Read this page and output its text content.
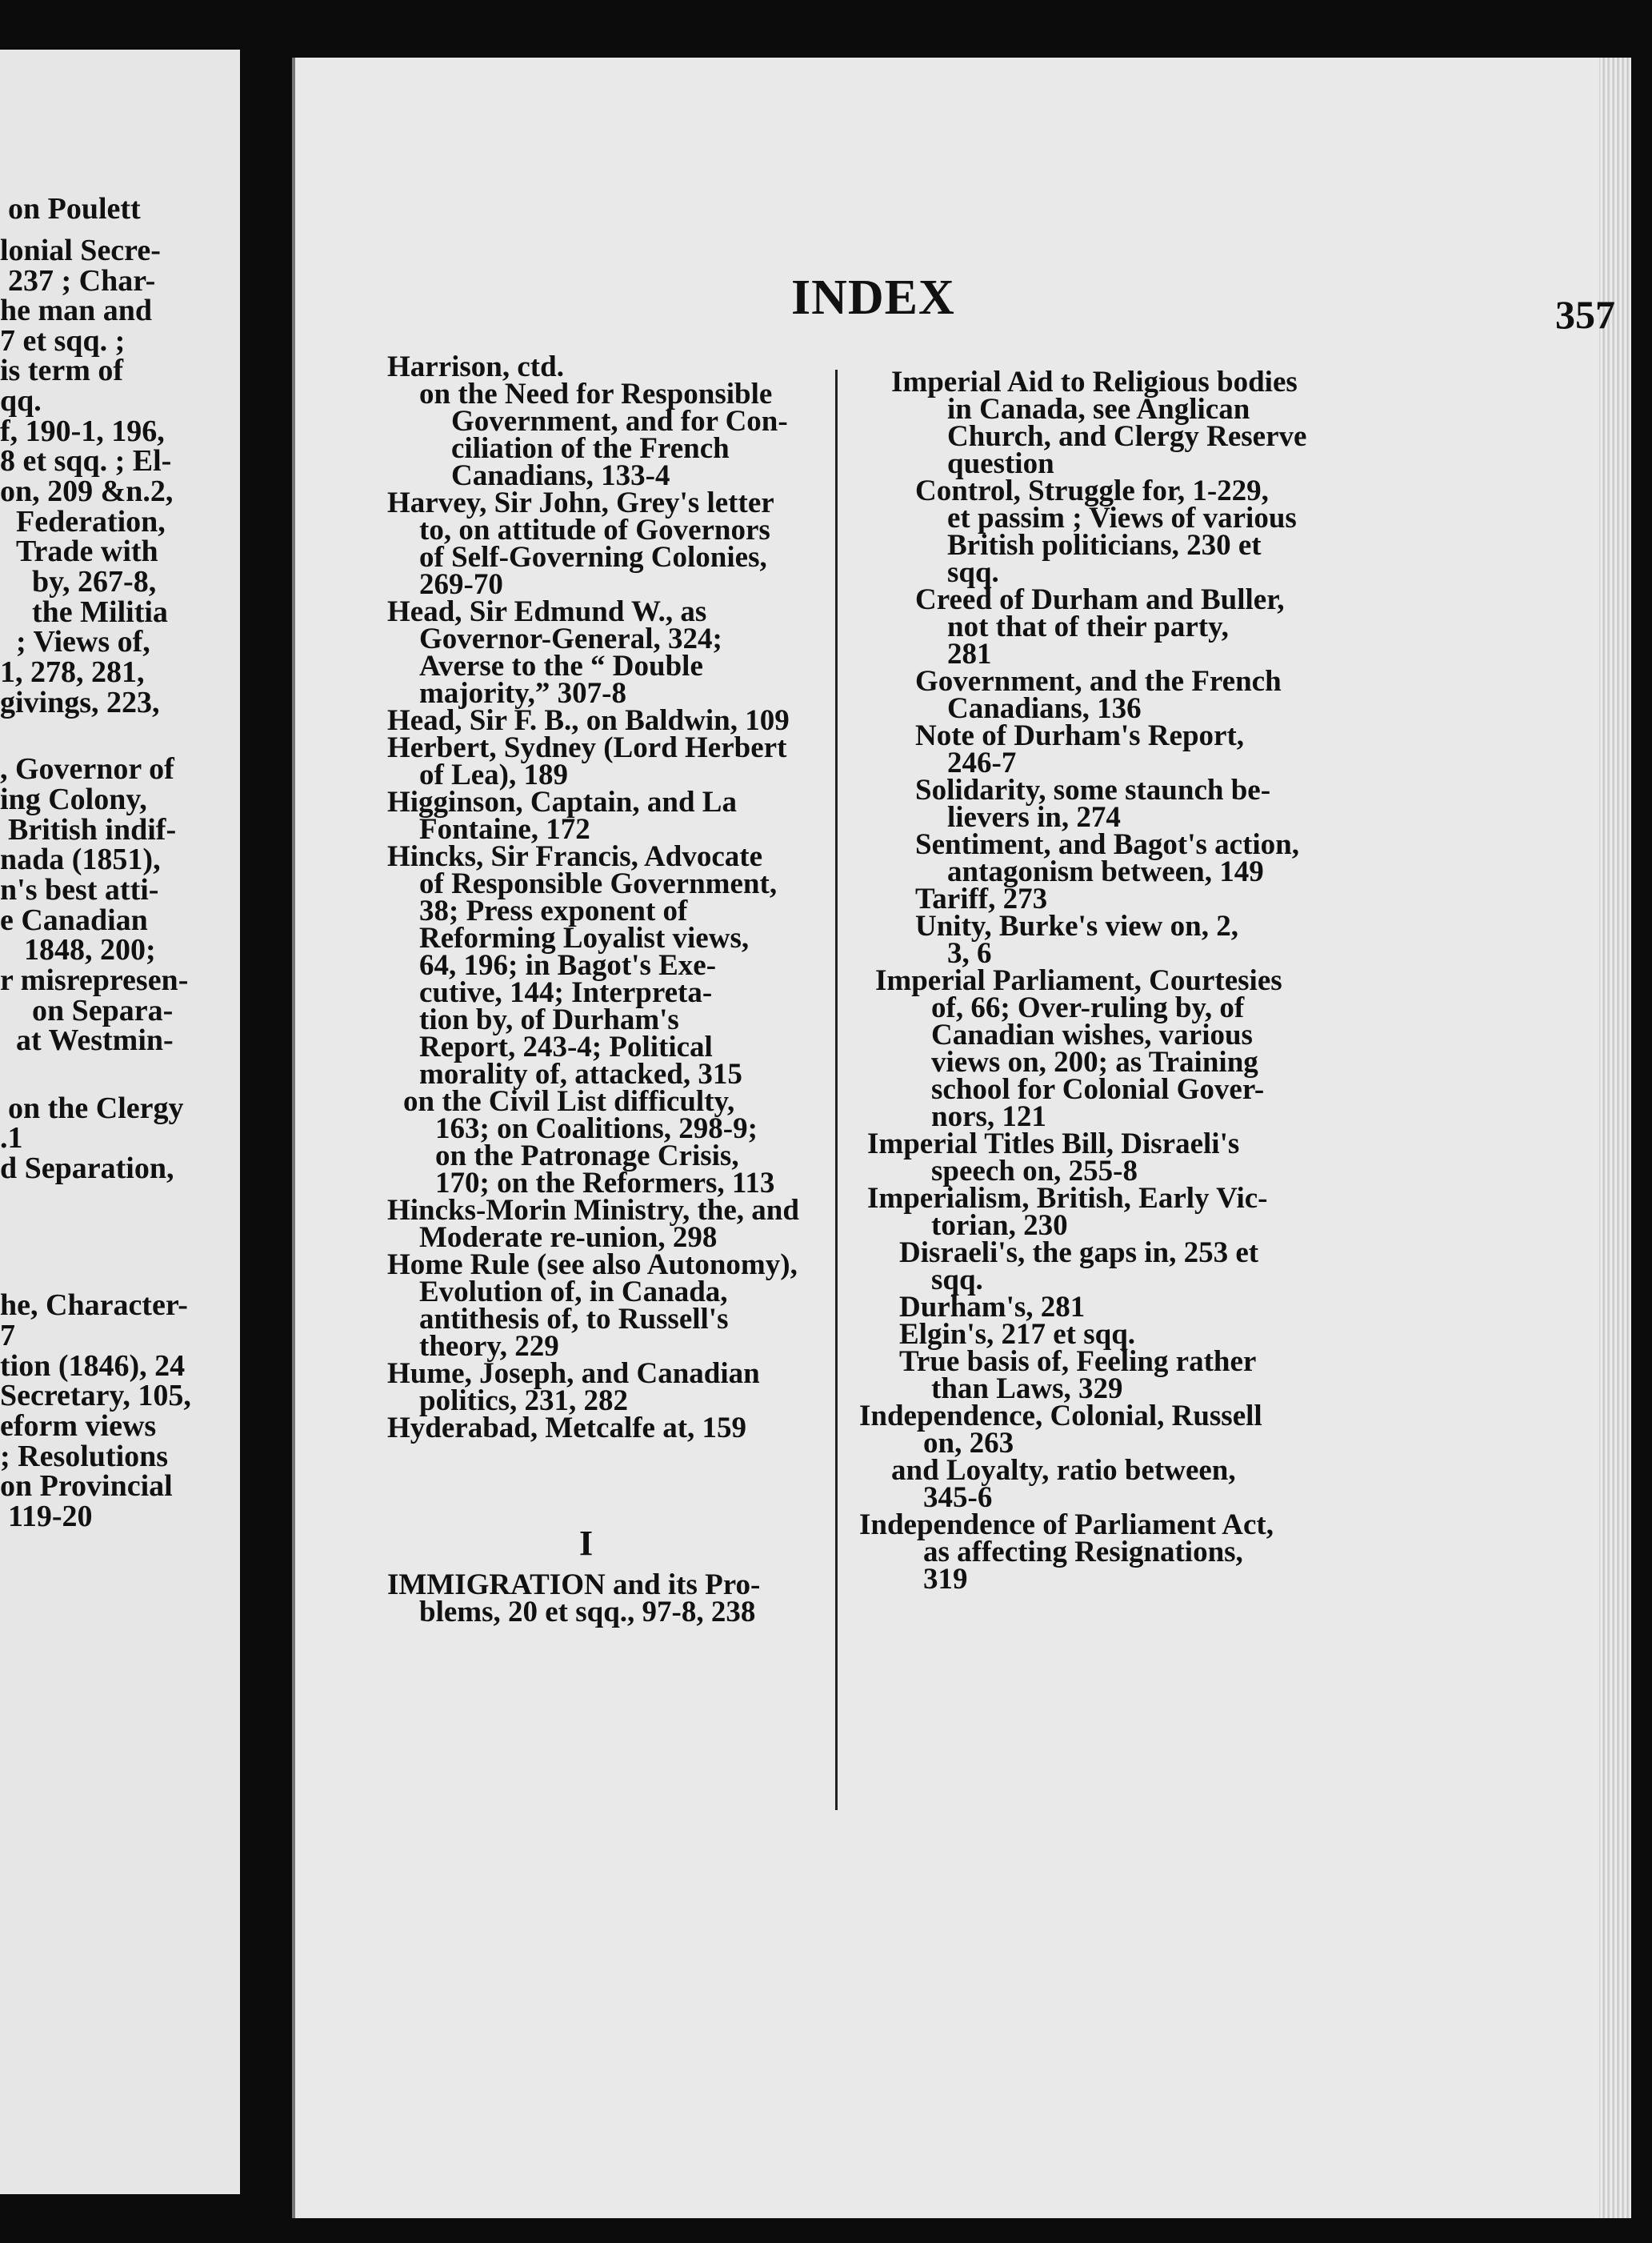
on Poulett
lonial Secre-
237 ; Char-
he man and
7 et sqq. ;
is term of
qq.
f, 190-1, 196,
8 et sqq. ; El-
on, 209 &n.2,
Federation,
Trade with
by, 267-8,
the Militia
; Views of,
1, 278, 281,
givings, 223,
, Governor of
ing Colony,
British indif-
nada (1851),
n's best atti-
e Canadian
1848, 200;
r misrepresen-
on Separa-
at Westmin-
on the Clergy
.1
d Separation,
he, Character-
7
tion (1846), 24
Secretary, 105,
eform views
; Resolutions
on Provincial
119-20
INDEX	357
I
Harrison, ctd.
on the Need for Responsible
Government, and for Con-
ciliation of the French
Canadians, 133-4
Harvey, Sir John, Grey's letter
to, on attitude of Governors
of Self-Governing Colonies,
269-70
Head, Sir Edmund W., as
Governor-General, 324;
Averse to the “ Double
majority,” 307-8
Head, Sir F. B., on Baldwin, 109
Herbert, Sydney (Lord Herbert
of Lea), 189
Higginson, Captain, and La
Fontaine, 172
Hincks, Sir Francis, Advocate
of Responsible Government,
38; Press exponent of
Reforming Loyalist views,
64, 196; in Bagot's Exe-
cutive, 144; Interpreta-
tion by, of Durham's
Report, 243-4; Political
morality of, attacked, 315
on the Civil List difficulty,
163; on Coalitions, 298-9;
on the Patronage Crisis,
170; on the Reformers, 113
Hincks-Morin Ministry, the, and
Moderate re-union, 298
Home Rule (see also Autonomy),
Evolution of, in Canada,
antithesis of, to Russell's
theory, 229
Hume, Joseph, and Canadian
politics, 231, 282
Hyderabad, Metcalfe at, 159
IMMIGRATION and its Pro-
blems, 20 et sqq., 97-8, 238
Imperial Aid to Religious bodies
in Canada, see Anglican
Church, and Clergy Reserve
question
Control, Struggle for, 1-229,
et passim ; Views of various
British politicians, 230 et
sqq.
Creed of Durham and Buller,
not that of their party,
281
Government, and the French
Canadians, 136
Note of Durham's Report,
246-7
Solidarity, some staunch be-
lievers in, 274
Sentiment, and Bagot's action,
antagonism between, 149
Tariff, 273
Unity, Burke's view on, 2,
3, 6
Imperial Parliament, Courtesies
of, 66; Over-ruling by, of
Canadian wishes, various
views on, 200; as Training
school for Colonial Gover-
nors, 121
Imperial Titles Bill, Disraeli's
speech on, 255-8
Imperialism, British, Early Vic-
torian, 230
Disraeli's, the gaps in, 253 et
sqq.
Durham's, 281
Elgin's, 217 et sqq.
True basis of, Feeling rather
than Laws, 329
Independence, Colonial, Russell
on, 263
and Loyalty, ratio between,
345-6
Independence of Parliament Act,
as affecting Resignations,
319
